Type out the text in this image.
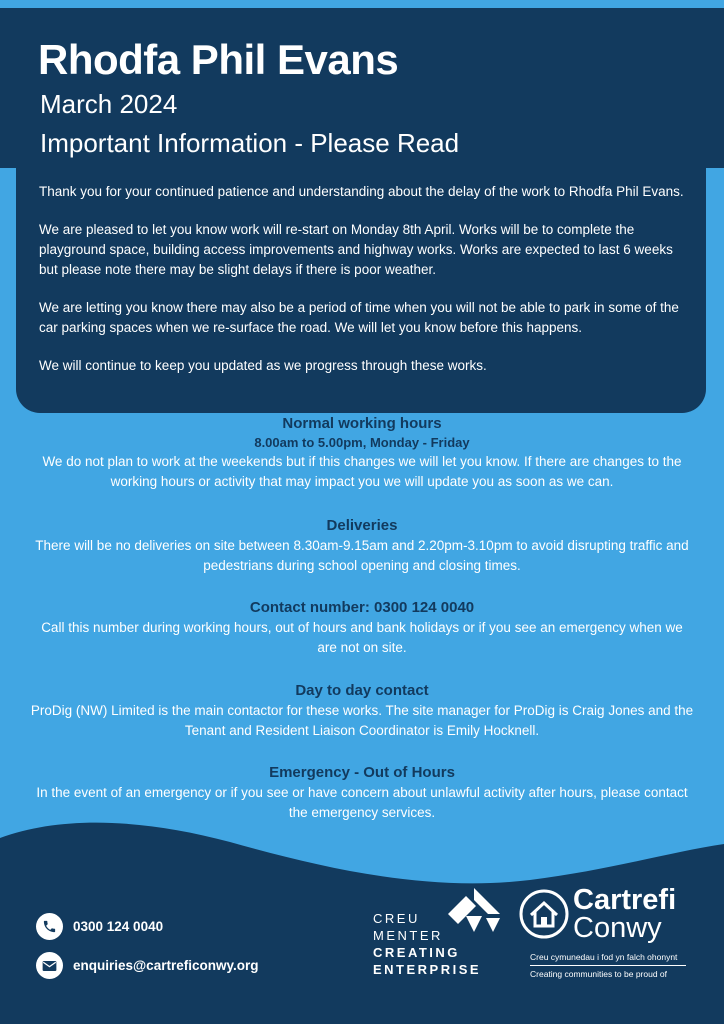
Rhodfa Phil Evans
March 2024
Important Information - Please Read

Thank you for your continued patience and understanding about the delay of the work to Rhodfa Phil Evans.

We are pleased to let you know work will re-start on Monday 8th April. Works will be to complete the playground space, building access improvements and highway works. Works are expected to last 6 weeks but please note there may be slight delays if there is poor weather.

We are letting you know there may also be a period of time when you will not be able to park in some of the car parking spaces when we re-surface the road. We will let you know before this happens.

We will continue to keep you updated as we progress through these works.

Normal working hours
8.00am to 5.00pm, Monday - Friday
We do not plan to work at the weekends but if this changes we will let you know. If there are changes to the working hours or activity that may impact you we will update you as soon as we can.
Deliveries
There will be no deliveries on site between 8.30am-9.15am and 2.20pm-3.10pm to avoid disrupting traffic and pedestrians during school opening and closing times.
Contact number: 0300 124 0040
Call this number during working hours, out of hours and bank holidays or if you see an emergency when we are not on site.
Day to day contact
ProDig (NW) Limited is the main contactor for these works. The site manager for ProDig is Craig Jones and the Tenant and Resident Liaison Coordinator is Emily Hocknell.
Emergency - Out of Hours
In the event of an emergency or if you see or have concern about unlawful activity after hours, please contact the emergency services.
0300 124 0040
enquiries@cartreficonwy.org
CREU
MENTER
CREATING
ENTERPRISE
Cartrefi
Conwy
Creu cymunedau i fod yn falch ohonynt
Creating communities to be proud of
